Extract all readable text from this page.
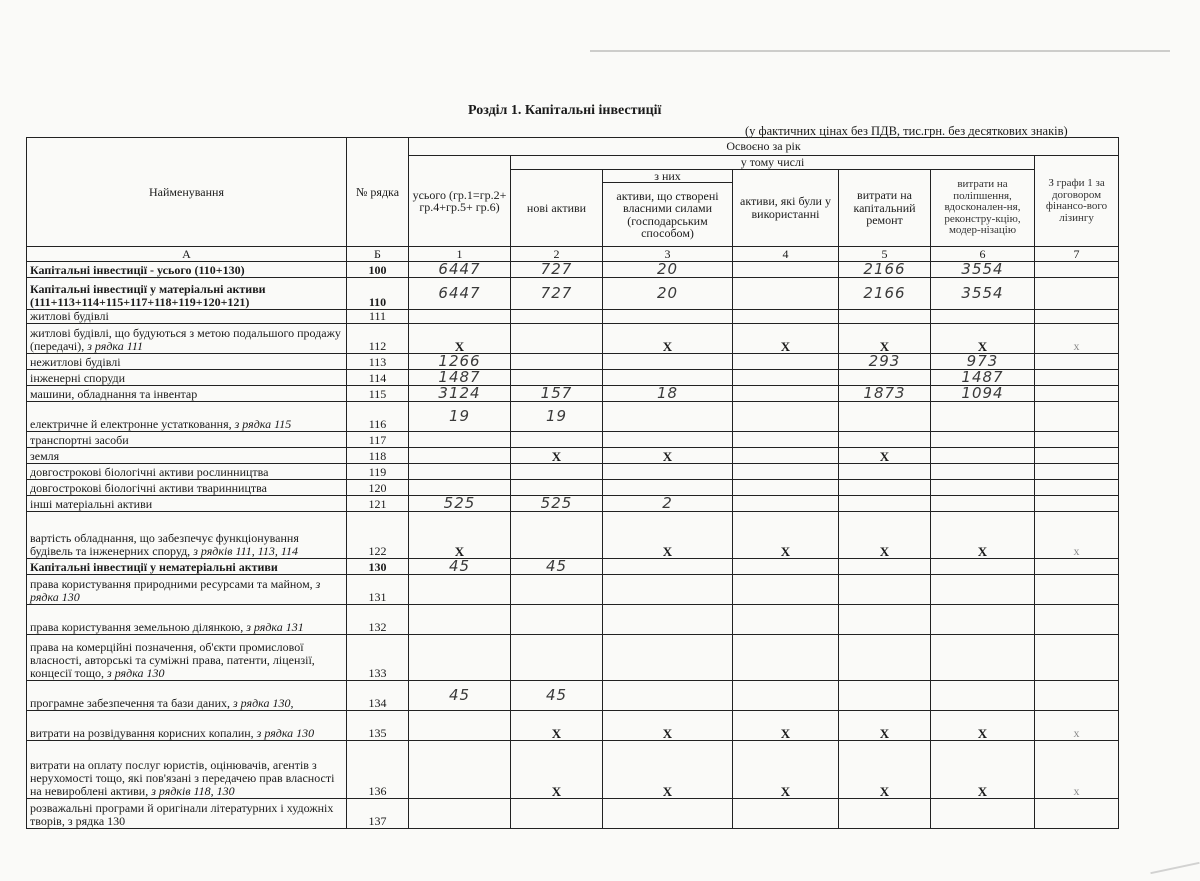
Розділ 1. Капітальні інвестиції
(у фактичних цінах без ПДВ, тис.грн. без десяткових знаків)
Найменування	№ рядка	Освоєно за рік						
		усього (гр.1=гр.2+ гр.4+гр.5+ гр.6)	у тому числі					З графи 1 за договором фінансо-вого лізингу
			нові активи	з них	активи, які були у використанні	витрати на капітальний ремонт	витрати на поліпшення, вдосконален-ня, реконстру-кцію, модер-нізацію	
				активи, що створені власними силами (господарським способом)				
А	Б	1	2	3	4	5	6	7
Капітальні інвестиції - усього (110+130)	100	6447	727	20		2166	3554	
Капітальні інвестиції у матеріальні активи (111+113+114+115+117+118+119+120+121)	110	6447	727	20		2166	3554	
житлові будівлі	111							
житлові будівлі, що будуються з метою подальшого продажу (передачі), з рядка 111	112	X		X	X	X	X	x
нежитлові будівлі	113	1266				293	973	
інженерні споруди	114	1487					1487	
машини, обладнання та інвентар	115	3124	157	18		1873	1094	
електричне й електронне устатковання, з рядка 115	116	19	19					
транспортні засоби	117							
земля	118		X	X		X		
довгострокові біологічні активи рослинництва	119							
довгострокові біологічні активи тваринництва	120							
інші матеріальні активи	121	525	525	2				
вартість обладнання, що забезпечує функціонування будівель та інженерних споруд, з рядків 111, 113, 114	122	X		X	X	X	X	x
Капітальні інвестиції у нематеріальні активи	130	45	45					
права користування природними ресурсами та майном, з рядка 130	131							
права користування земельною ділянкою, з рядка 131	132							
права на комерційні позначення, об'єкти промислової власності, авторські та суміжні права, патенти, ліцензії, концесії тощо, з рядка 130	133							
програмне забезпечення та бази даних, з рядка 130,	134	45	45					
витрати на розвідування корисних копалин, з рядка 130	135		X	X	X	X	X	x
витрати на оплату послуг юристів, оцінювачів, агентів з нерухомості тощо, які пов'язані з передачею прав власності на невироблені активи, з рядків 118, 130	136		X	X	X	X	X	x
розважальні програми й оригінали літературних і художніх творів, з рядка 130	137							
